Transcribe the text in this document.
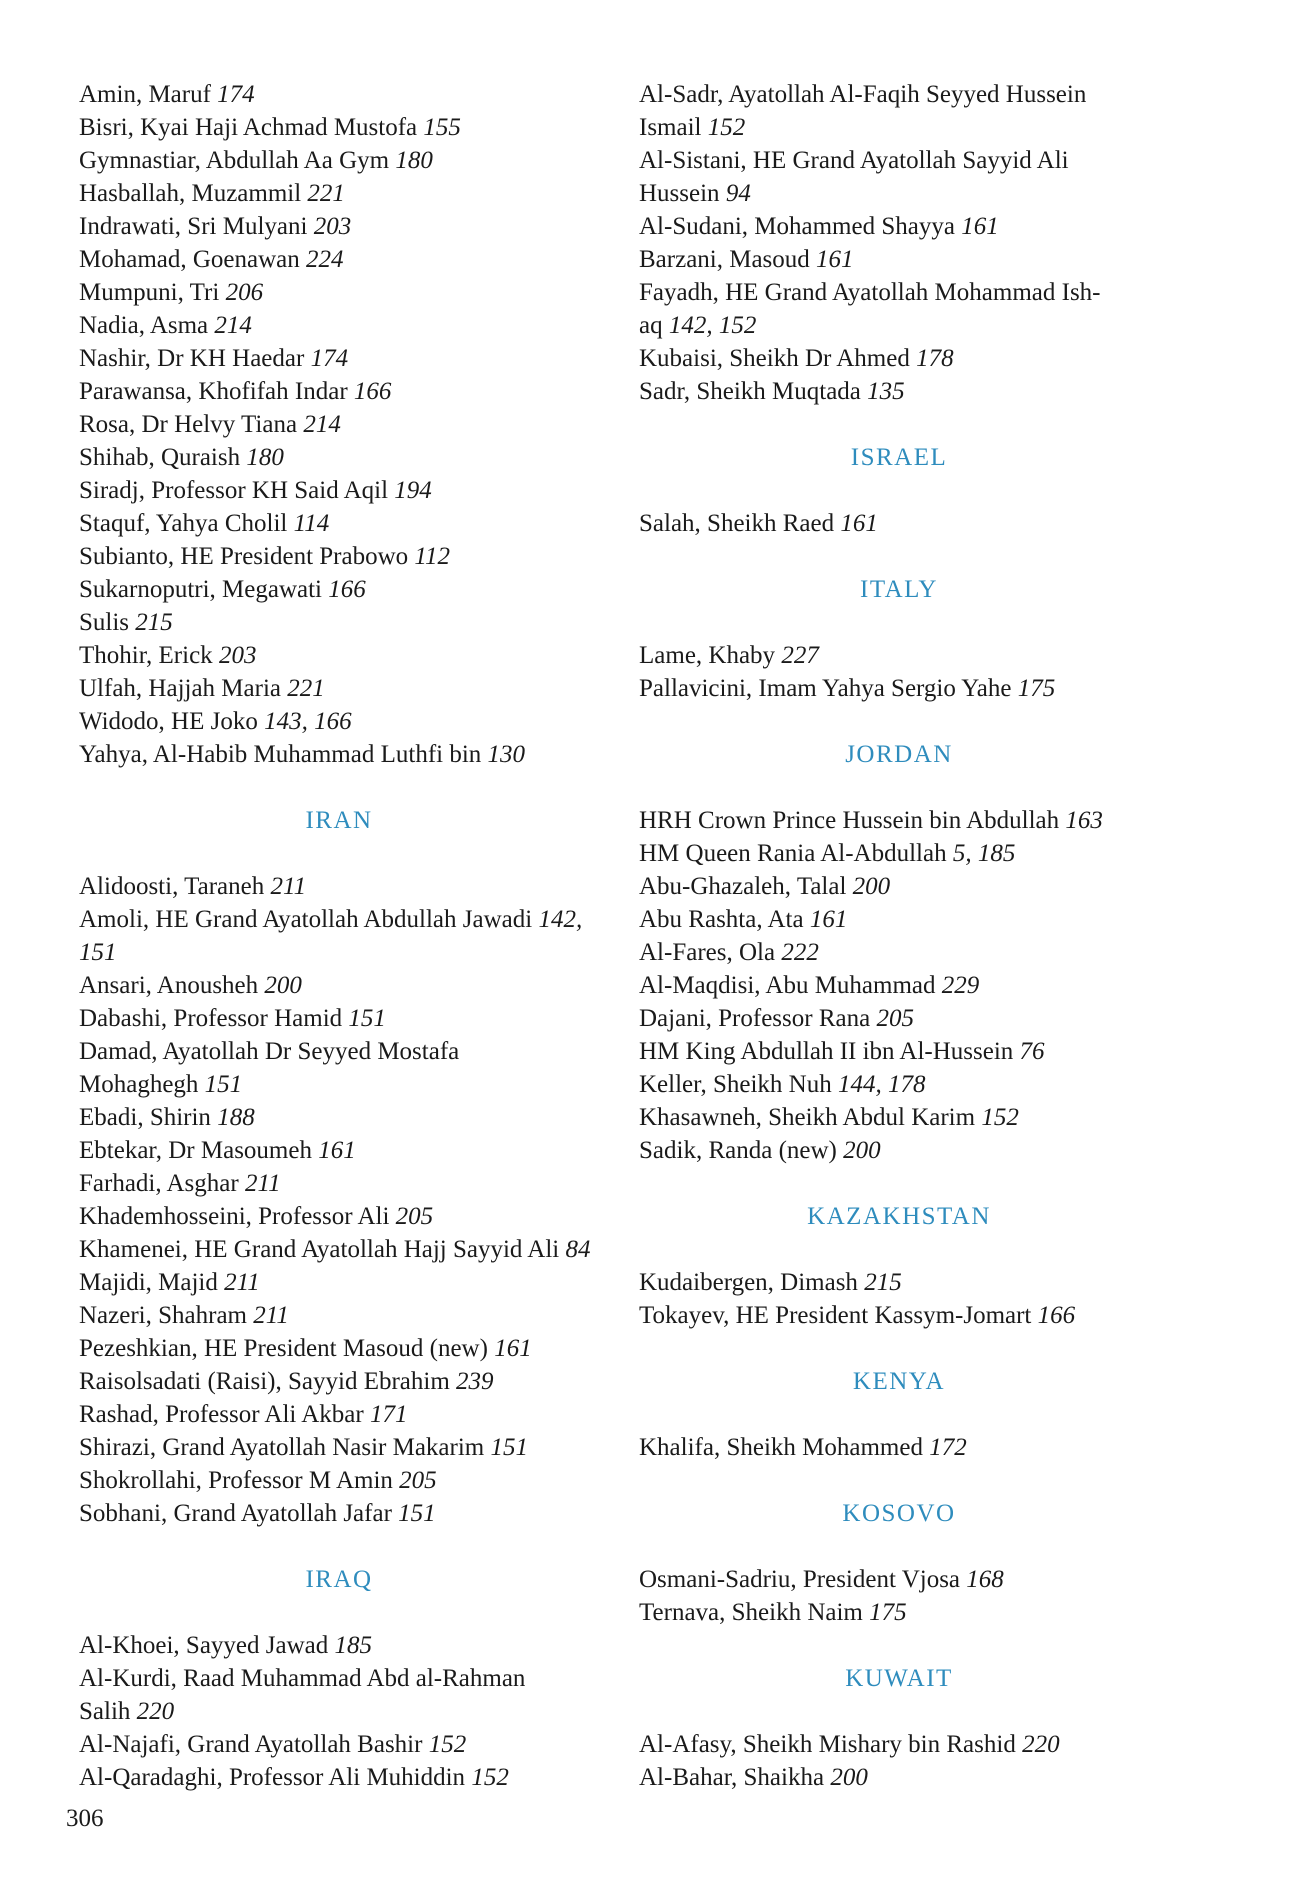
Amin, Maruf 174
Bisri, Kyai Haji Achmad Mustofa 155
Gymnastiar, Abdullah Aa Gym 180
Hasballah, Muzammil 221
Indrawati, Sri Mulyani 203
Mohamad, Goenawan 224
Mumpuni, Tri 206
Nadia, Asma 214
Nashir, Dr KH Haedar 174
Parawansa, Khofifah Indar 166
Rosa, Dr Helvy Tiana 214
Shihab, Quraish 180
Siradj, Professor KH Said Aqil 194
Staquf, Yahya Cholil 114
Subianto, HE President Prabowo 112
Sukarnoputri, Megawati 166
Sulis 215
Thohir, Erick 203
Ulfah, Hajjah Maria 221
Widodo, HE Joko 143, 166
Yahya, Al-Habib Muhammad Luthfi bin 130
IRAN
Alidoosti, Taraneh 211
Amoli, HE Grand Ayatollah Abdullah Jawadi 142,
151
Ansari, Anousheh 200
Dabashi, Professor Hamid 151
Damad, Ayatollah Dr Seyyed Mostafa
Mohaghegh 151
Ebadi, Shirin 188
Ebtekar, Dr Masoumeh 161
Farhadi, Asghar 211
Khademhosseini, Professor Ali 205
Khamenei, HE Grand Ayatollah Hajj Sayyid Ali 84
Majidi, Majid 211
Nazeri, Shahram 211
Pezeshkian, HE President Masoud (new) 161
Raisolsadati (Raisi), Sayyid Ebrahim 239
Rashad, Professor Ali Akbar 171
Shirazi, Grand Ayatollah Nasir Makarim 151
Shokrollahi, Professor M Amin 205
Sobhani, Grand Ayatollah Jafar 151
IRAQ
Al-Khoei, Sayyed Jawad 185
Al-Kurdi, Raad Muhammad Abd al-Rahman
Salih 220
Al-Najafi, Grand Ayatollah Bashir 152
Al-Qaradaghi, Professor Ali Muhiddin 152
Al-Sadr, Ayatollah Al-Faqih Seyyed Hussein
Ismail 152
Al-Sistani, HE Grand Ayatollah Sayyid Ali
Hussein 94
Al-Sudani, Mohammed Shayya 161
Barzani, Masoud 161
Fayadh, HE Grand Ayatollah Mohammad Ish-
aq 142, 152
Kubaisi, Sheikh Dr Ahmed 178
Sadr, Sheikh Muqtada 135
ISRAEL
Salah, Sheikh Raed 161
ITALY
Lame, Khaby 227
Pallavicini, Imam Yahya Sergio Yahe 175
JORDAN
HRH Crown Prince Hussein bin Abdullah 163
HM Queen Rania Al-Abdullah 5, 185
Abu-Ghazaleh, Talal 200
Abu Rashta, Ata 161
Al-Fares, Ola 222
Al-Maqdisi, Abu Muhammad 229
Dajani, Professor Rana 205
HM King Abdullah II ibn Al-Hussein 76
Keller, Sheikh Nuh 144, 178
Khasawneh, Sheikh Abdul Karim 152
Sadik, Randa (new) 200
KAZAKHSTAN
Kudaibergen, Dimash 215
Tokayev, HE President Kassym-Jomart 166
KENYA
Khalifa, Sheikh Mohammed 172
KOSOVO
Osmani-Sadriu, President Vjosa 168
Ternava, Sheikh Naim 175
KUWAIT
Al-Afasy, Sheikh Mishary bin Rashid 220
Al-Bahar, Shaikha 200
306
